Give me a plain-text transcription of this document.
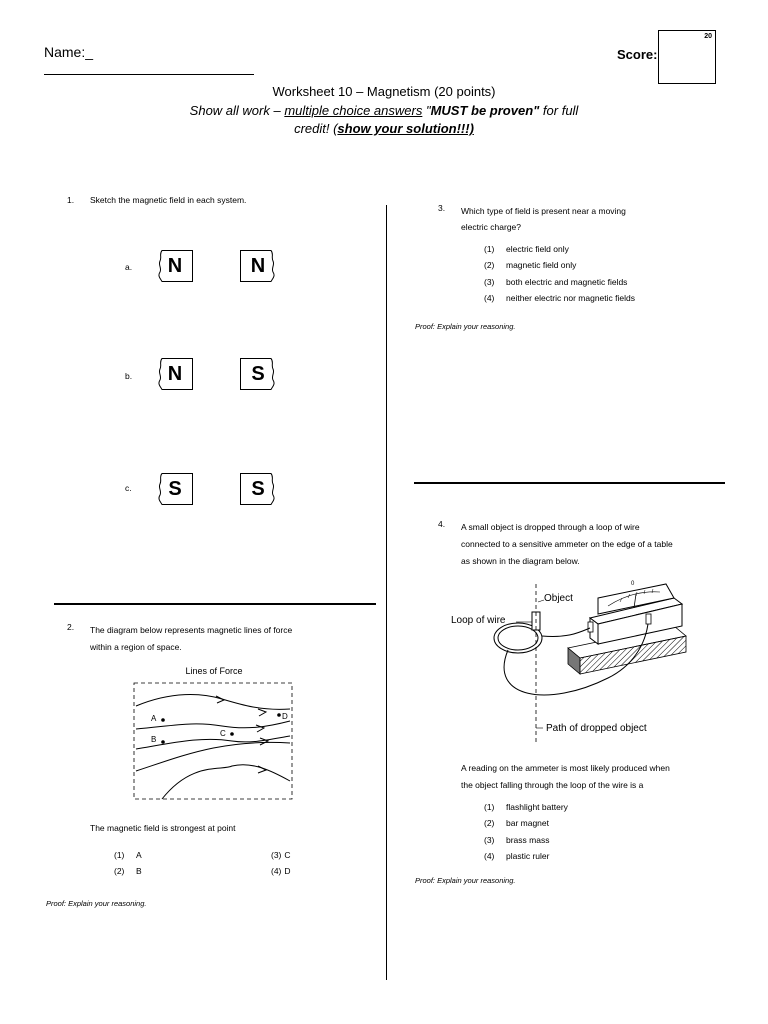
Name:_	Score:
20
Worksheet 10 – Magnetism (20 points)
Show all work – multiple choice answers "MUST be proven" for full
credit! (show your solution!!!)
1. Sketch the magnetic field in each system.
a.	N	N
b.	N	S
c.	S	S
2. The diagram below represents magnetic lines of force
within a region of space.
Lines of Force
A
B
C
D
The magnetic field is strongest at point
(1) A
(2) B
(3) C
(4) D
Proof: Explain your reasoning.
3. Which type of field is present near a moving
electric charge?
(1) electric field only
(2) magnetic field only
(3) both electric and magnetic fields
(4) neither electric nor magnetic fields
Proof: Explain your reasoning.
4. A small object is dropped through a loop of wire
connected to a sensitive ammeter on the edge of a table
as shown in the diagram below.
Object
Loop of wire
Path of dropped object
0
A reading on the ammeter is most likely produced when
the object falling through the loop of the wire is a
(1) flashlight battery
(2) bar magnet
(3) brass mass
(4) plastic ruler
Proof: Explain your reasoning.
